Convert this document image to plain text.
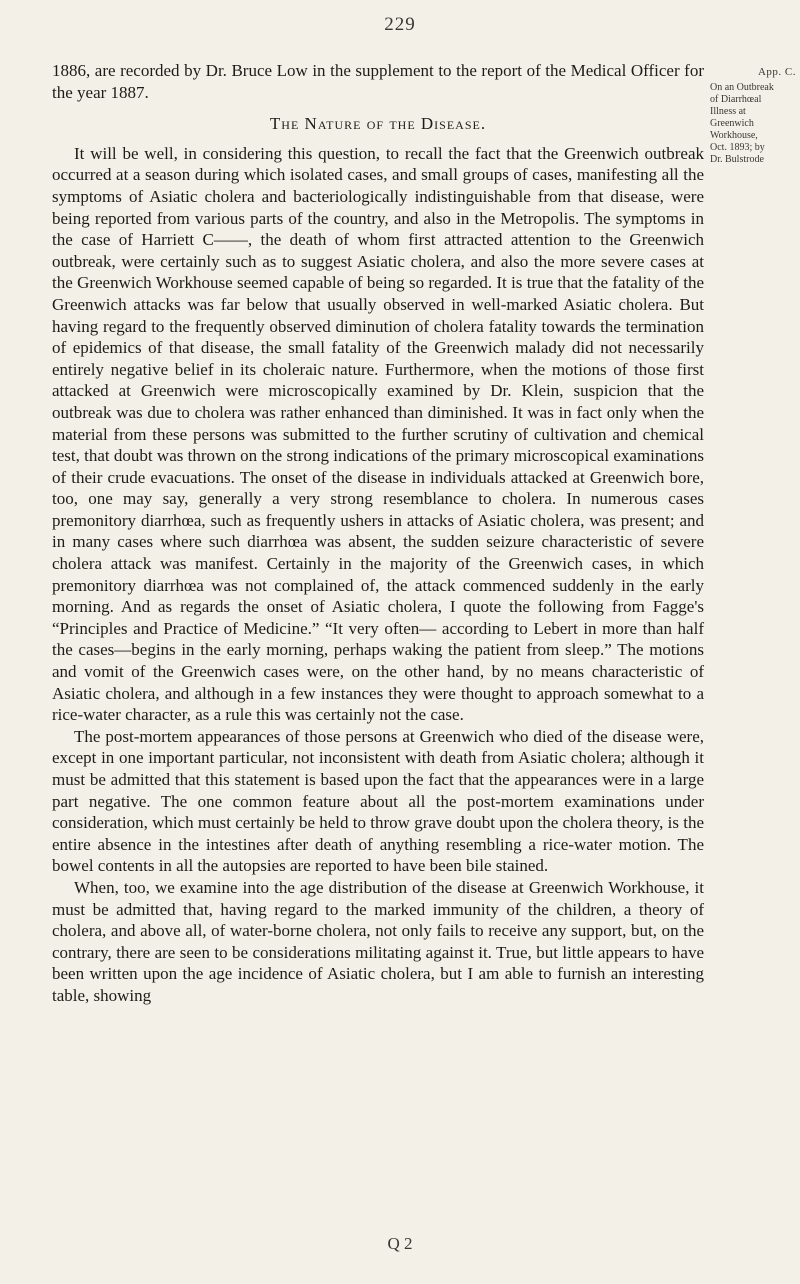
229
App. C.
On an Outbreak
of Diarrhœal
Illness at
Greenwich
Workhouse,
Oct. 1893; by
Dr. Bulstrode

1886, are recorded by Dr. Bruce Low in the supplement to the report of the Medical Officer for the year 1887.

The Nature of the Disease.

It will be well, in considering this question, to recall the fact that the Greenwich outbreak occurred at a season during which isolated cases, and small groups of cases, manifesting all the symptoms of Asiatic cholera and bacteriologically indistinguishable from that disease, were being reported from various parts of the country, and also in the Metropolis. The symptoms in the case of Harriett C——, the death of whom first attracted attention to the Greenwich outbreak, were certainly such as to suggest Asiatic cholera, and also the more severe cases at the Greenwich Workhouse seemed capable of being so regarded. It is true that the fatality of the Greenwich attacks was far below that usually observed in well-marked Asiatic cholera. But having regard to the frequently observed diminution of cholera fatality towards the termination of epidemics of that disease, the small fatality of the Greenwich malady did not necessarily entirely negative belief in its choleraic nature. Furthermore, when the motions of those first attacked at Greenwich were microscopically examined by Dr. Klein, suspicion that the outbreak was due to cholera was rather enhanced than diminished. It was in fact only when the material from these persons was submitted to the further scrutiny of cultivation and chemical test, that doubt was thrown on the strong indications of the primary microscopical examinations of their crude evacuations. The onset of the disease in individuals attacked at Greenwich bore, too, one may say, generally a very strong resemblance to cholera. In numerous cases premonitory diarrhœa, such as frequently ushers in attacks of Asiatic cholera, was present; and in many cases where such diarrhœa was absent, the sudden seizure characteristic of severe cholera attack was manifest. Certainly in the majority of the Greenwich cases, in which premonitory diarrhœa was not complained of, the attack commenced suddenly in the early morning. And as regards the onset of Asiatic cholera, I quote the following from Fagge's “Principles and Practice of Medicine.” “It very often— according to Lebert in more than half the cases—begins in the early morning, perhaps waking the patient from sleep.” The motions and vomit of the Greenwich cases were, on the other hand, by no means characteristic of Asiatic cholera, and although in a few instances they were thought to approach somewhat to a rice-water character, as a rule this was certainly not the case.

The post-mortem appearances of those persons at Greenwich who died of the disease were, except in one important particular, not inconsistent with death from Asiatic cholera; although it must be admitted that this statement is based upon the fact that the appearances were in a large part negative. The one common feature about all the post-mortem examinations under consideration, which must certainly be held to throw grave doubt upon the cholera theory, is the entire absence in the intestines after death of anything resembling a rice-water motion. The bowel contents in all the autopsies are reported to have been bile stained.

When, too, we examine into the age distribution of the disease at Greenwich Workhouse, it must be admitted that, having regard to the marked immunity of the children, a theory of cholera, and above all, of water-borne cholera, not only fails to receive any support, but, on the contrary, there are seen to be considerations militating against it. True, but little appears to have been written upon the age incidence of Asiatic cholera, but I am able to furnish an interesting table, showing

Q 2
